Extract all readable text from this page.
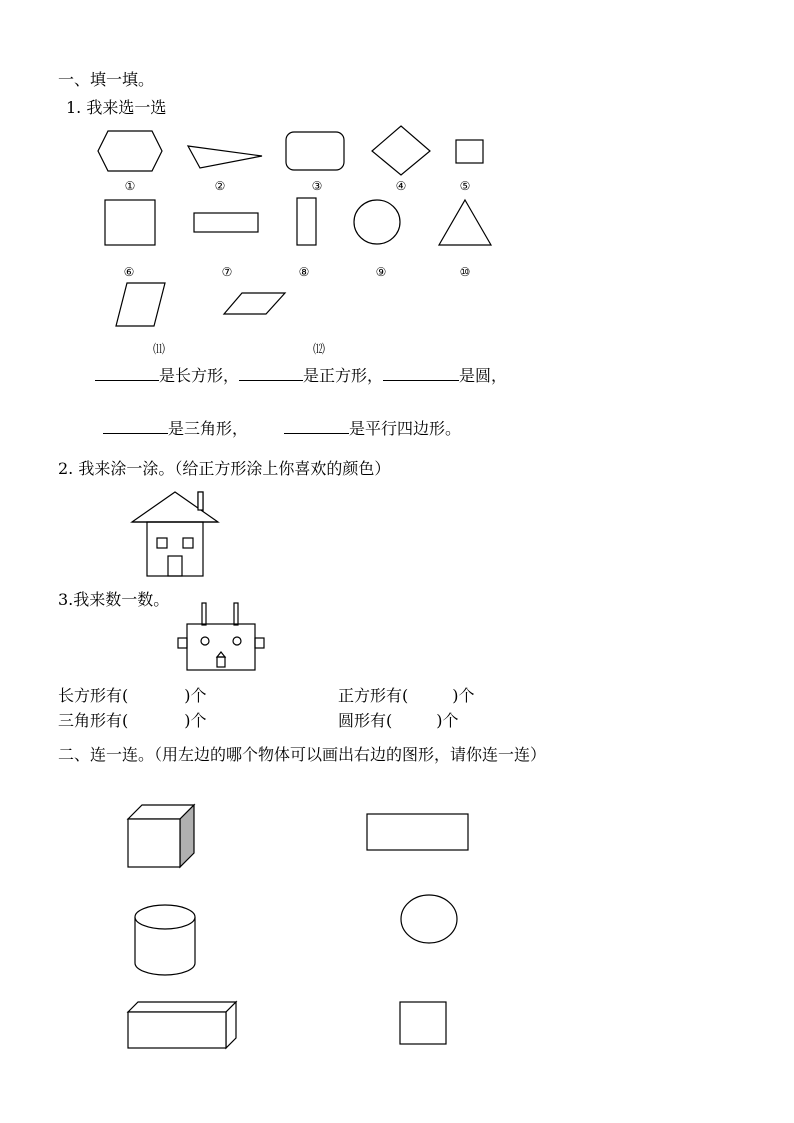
一、填一填。
1. 我来选一选
①	②	③	④	⑤
⑥	⑦	⑧	⑨	⑩
⑾	⑿
是长方形，	是正方形，	是圆，
是三角形，	是平行四边形。
2. 我来涂一涂。（给正方形涂上你喜欢的颜色）
3.我来数一数。
长方形有(	)个	正方形有(	)个
三角形有(	)个	圆形有(	)个
二、连一连。（用左边的哪个物体可以画出右边的图形，请你连一连）
